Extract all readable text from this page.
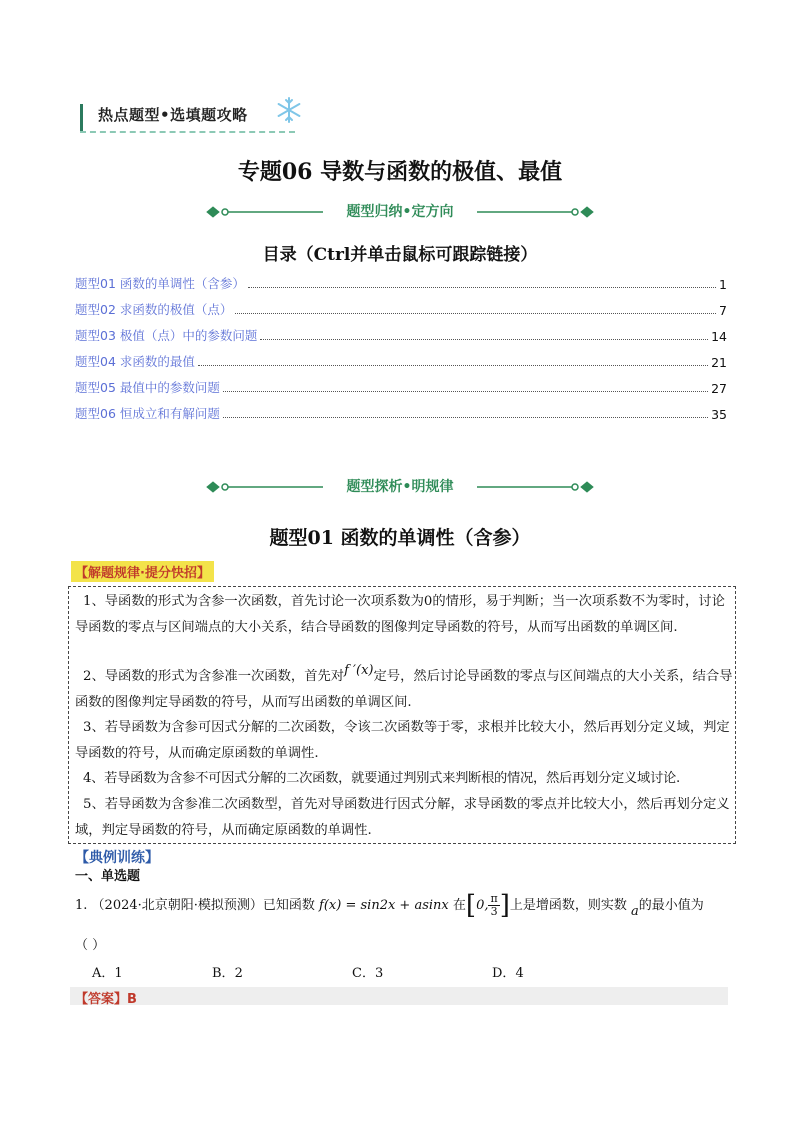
热点题型•选填题攻略
专题06 导数与函数的极值、最值
题型归纳•定方向
目录（Ctrl并单击鼠标可跟踪链接）
题型01 函数的单调性（含参）	1
题型02 求函数的极值（点）	7
题型03 极值（点）中的参数问题	14
题型04 求函数的最值	21
题型05 最值中的参数问题	27
题型06 恒成立和有解问题	35
题型探析•明规律
题型01 函数的单调性（含参）
【解题规律·提分快招】
1、导函数的形式为含参一次函数，首先讨论一次项系数为0的情形，易于判断；当一次项系数不为零时，讨论导函数的零点与区间端点的大小关系，结合导函数的图像判定导函数的符号，从而写出函数的单调区间.
2、导函数的形式为含参准一次函数，首先对f ′(x)定号，然后讨论导函数的零点与区间端点的大小关系，结合导函数的图像判定导函数的符号，从而写出函数的单调区间.
3、若导函数为含参可因式分解的二次函数，令该二次函数等于零，求根并比较大小，然后再划分定义域，判定导函数的符号，从而确定原函数的单调性.
4、若导函数为含参不可因式分解的二次函数，就要通过判别式来判断根的情况，然后再划分定义域讨论.
5、若导函数为含参准二次函数型，首先对导函数进行因式分解，求导函数的零点并比较大小，然后再划分定义域，判定导函数的符号，从而确定原函数的单调性.
【典例训练】
一、单选题
1. （2024·北京朝阳·模拟预测）已知函数 f(x) = sin2x + asinx 在[0, $\frac{\pi}{3}$ ]上是增函数，则实数 a的最小值为
（ ）
A．1	B．2	C．3	D．4
【答案】B
